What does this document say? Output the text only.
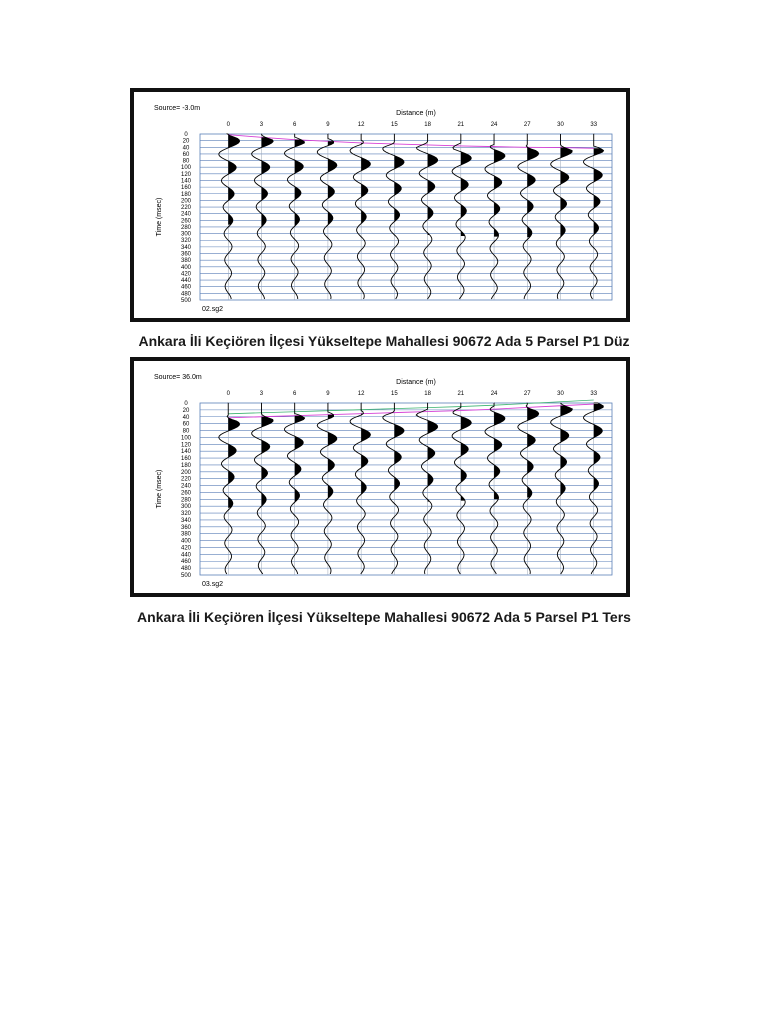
Source= -3.0m
Distance (m)
Time (msec)
02.sg2
0
20
40
60
80
100
120
140
160
180
200
220
240
260
280
300
320
340
360
380
400
420
440
460
480
500
0	3	6	9	12	15	18	21	24	27	30	33
Ankara İli Keçiören İlçesi Yükseltepe Mahallesi 90672 Ada 5 Parsel P1 Düz
Source= 36.0m
Distance (m)
Time (msec)
03.sg2
0
20
40
60
80
100
120
140
160
180
200
220
240
260
280
300
320
340
360
380
400
420
440
460
480
500
0	3	6	9	12	15	18	21	24	27	30	33
Ankara İli Keçiören İlçesi Yükseltepe Mahallesi 90672 Ada 5 Parsel P1 Ters
